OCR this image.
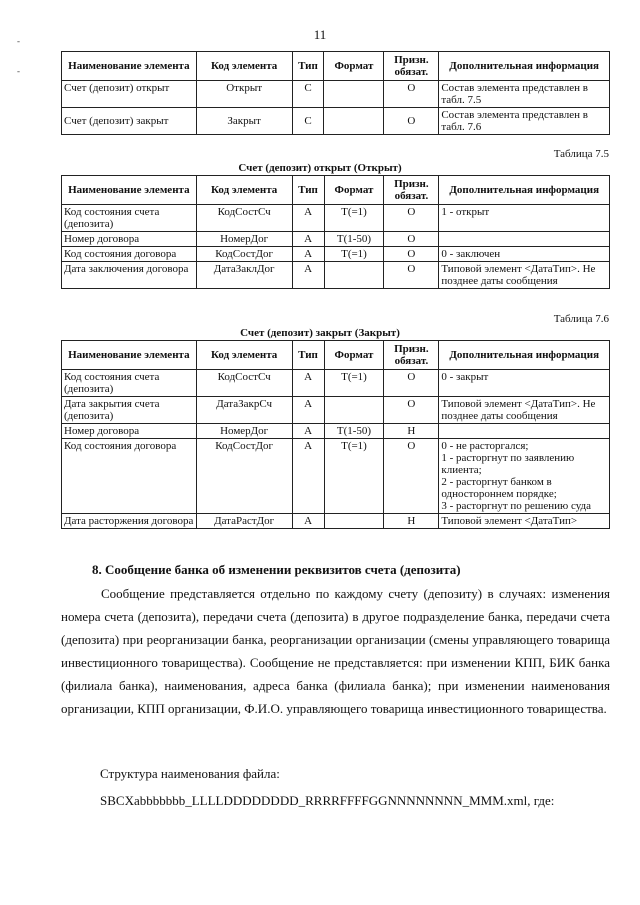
11
-
-	Наименование элемента	Код элемента	Тип	Формат	Призн. обязат.	Дополнительная информация
Счет (депозит) открыт	Открыт	С		О	Состав элемента представлен в табл. 7.5
Счет (депозит) закрыт	Закрыт	С		О	Состав элемента представлен в табл. 7.6
Таблица 7.5
Счет (депозит) открыт (Открыт)
Наименование элемента	Код элемента	Тип	Формат	Призн. обязат.	Дополнительная информация
Код состояния счета (депозита)	КодСостСч	А	Т(=1)	О	1 - открыт
Номер договора	НомерДог	А	Т(1-50)	О	
Код состояния договора	КодСостДог	А	Т(=1)	О	0 - заключен
Дата заключения договора	ДатаЗаклДог	А		О	Типовой элемент <ДатаТип>. Не позднее даты сообщения
Таблица 7.6
Счет (депозит) закрыт (Закрыт)
Наименование элемента	Код элемента	Тип	Формат	Призн. обязат.	Дополнительная информация
Код состояния счета (депозита)	КодСостСч	А	Т(=1)	О	0 - закрыт
Дата закрытия счета (депозита)	ДатаЗакрСч	А		О	Типовой элемент <ДатаТип>. Не позднее даты сообщения
Номер договора	НомерДог	А	Т(1-50)	Н	
Код состояния договора	КодСостДог	А	Т(=1)	О	0 - не расторгался;
1 - расторгнут по заявлению клиента;
2 - расторгнут банком в одностороннем порядке;
3 - расторгнут по решению суда
Дата расторжения договора	ДатаРастДог	А		Н	Типовой элемент <ДатаТип>
8. Сообщение банка об изменении реквизитов счета (депозита)
Сообщение представляется отдельно по каждому счету (депозиту) в случаях: изменения номера счета (депозита), передачи счета (депозита) в другое подразделение банка, передачи счета (депозита) при реорганизации банка, реорганизации организации (смены управляющего товарища инвестиционного товарищества). Сообщение не представляется: при изменении КПП, БИК банка (филиала банка), наименования, адреса банка (филиала банка); при изменении наименования организации, КПП организации, Ф.И.О. управляющего товарища инвестиционного товарищества.
Структура наименования файла:
SBCXabbbbbbb_LLLLDDDDDDDD_RRRRFFFFGGNNNNNNNN_MMM.xml, где:
